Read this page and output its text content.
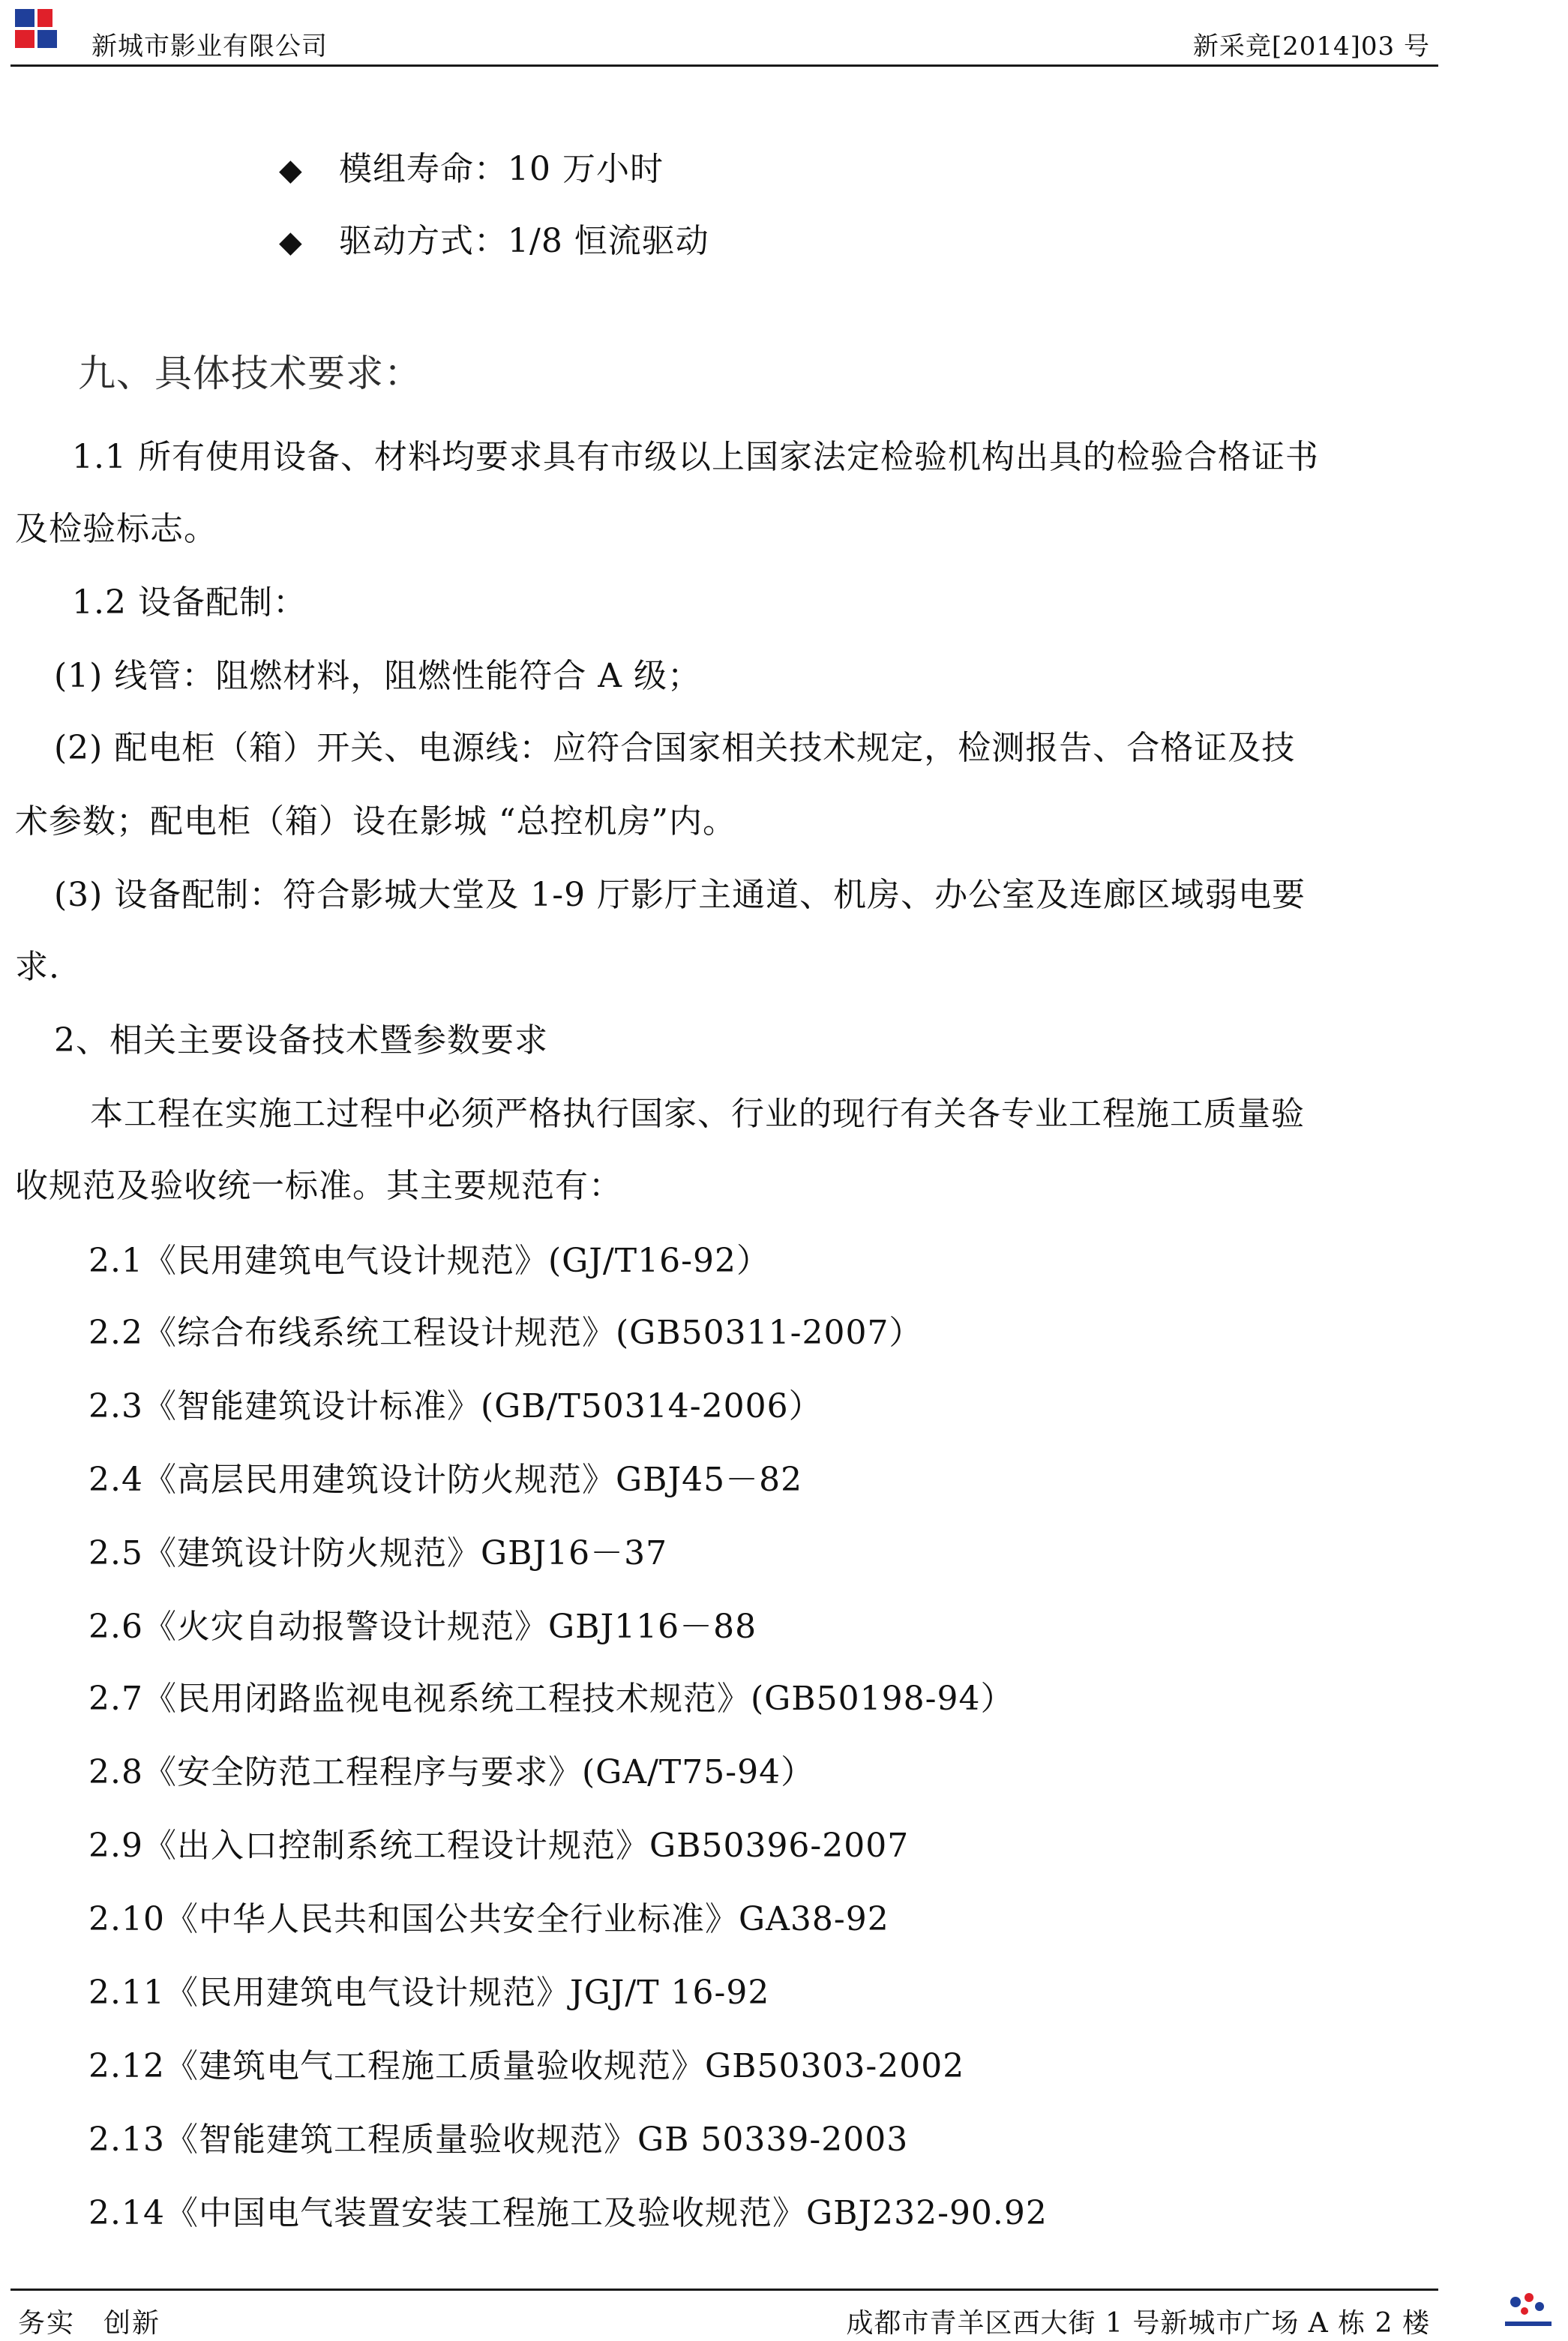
新城市影业有限公司	新采竞[2014]03 号
◆ 模组寿命：10 万小时
◆ 驱动方式：1/8 恒流驱动
九、具体技术要求：
1.1 所有使用设备、材料均要求具有市级以上国家法定检验机构出具的检验合格证书
及检验标志。
1.2 设备配制：
(1) 线管：阻燃材料，阻燃性能符合 A 级；
(2) 配电柜（箱）开关、电源线：应符合国家相关技术规定，检测报告、合格证及技
术参数；配电柜（箱）设在影城 “总控机房”内。
(3) 设备配制：符合影城大堂及 1-9 厅影厅主通道、机房、办公室及连廊区域弱电要
求.
2、相关主要设备技术暨参数要求
本工程在实施工过程中必须严格执行国家、行业的现行有关各专业工程施工质量验
收规范及验收统一标准。其主要规范有：
2.1《民用建筑电气设计规范》(GJ/T16-92）
2.2《综合布线系统工程设计规范》(GB50311-2007）
2.3《智能建筑设计标准》(GB/T50314-2006）
2.4《高层民用建筑设计防火规范》GBJ45－82
2.5《建筑设计防火规范》GBJ16－37
2.6《火灾自动报警设计规范》GBJ116－88
2.7《民用闭路监视电视系统工程技术规范》(GB50198-94）
2.8《安全防范工程程序与要求》(GA/T75-94）
2.9《出入口控制系统工程设计规范》GB50396-2007
2.10《中华人民共和国公共安全行业标准》GA38-92
2.11《民用建筑电气设计规范》JGJ/T 16-92
2.12《建筑电气工程施工质量验收规范》GB50303-2002
2.13《智能建筑工程质量验收规范》GB 50339-2003
2.14《中国电气装置安装工程施工及验收规范》GBJ232-90.92
务实　创新	成都市青羊区西大街 1 号新城市广场 A 栋 2 楼
